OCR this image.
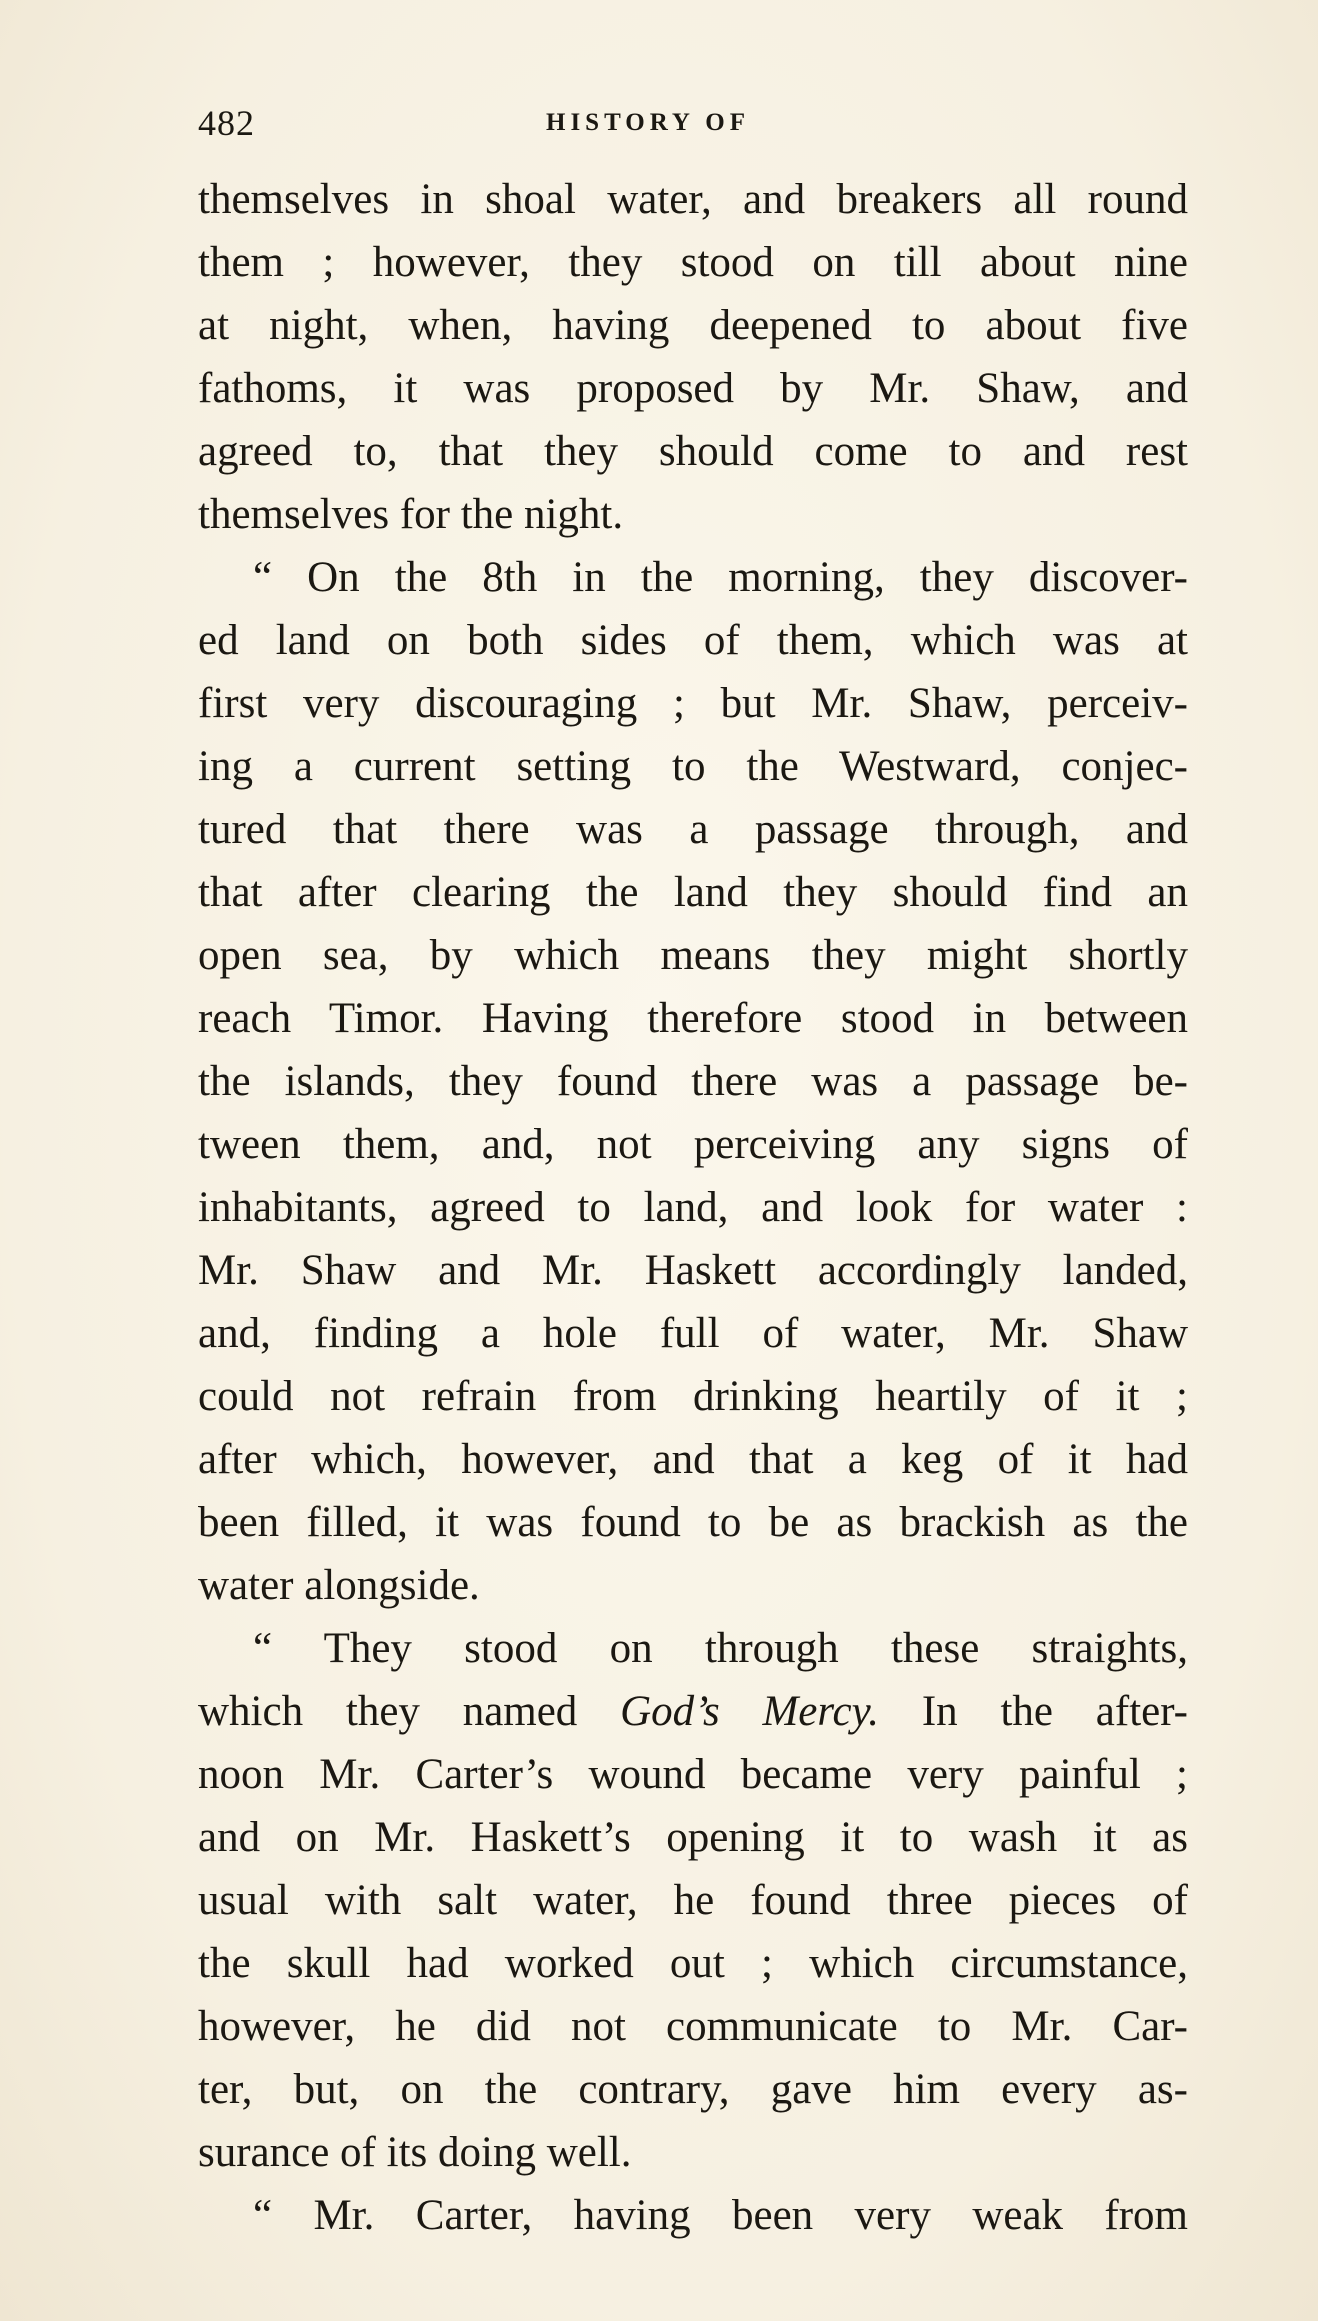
482	HISTORY OF
themselves in shoal water, and breakers all round
them ; however, they stood on till about nine
at night, when, having deepened to about five
fathoms, it was proposed by Mr. Shaw, and
agreed to, that they should come to and rest
themselves for the night.
“ On the 8th in the morning, they discover-
ed land on both sides of them, which was at
first very discouraging ; but Mr. Shaw, perceiv-
ing a current setting to the Westward, conjec-
tured that there was a passage through, and
that after clearing the land they should find an
open sea, by which means they might shortly
reach Timor. Having therefore stood in between
the islands, they found there was a passage be-
tween them, and, not perceiving any signs of
inhabitants, agreed to land, and look for water :
Mr. Shaw and Mr. Haskett accordingly landed,
and, finding a hole full of water, Mr. Shaw
could not refrain from drinking heartily of it ;
after which, however, and that a keg of it had
been filled, it was found to be as brackish as the
water alongside.
“ They stood on through these straights,
which they named God’s Mercy. In the after-
noon Mr. Carter’s wound became very painful ;
and on Mr. Haskett’s opening it to wash it as
usual with salt water, he found three pieces of
the skull had worked out ; which circumstance,
however, he did not communicate to Mr. Car-
ter, but, on the contrary, gave him every as-
surance of its doing well.
“ Mr. Carter, having been very weak from
